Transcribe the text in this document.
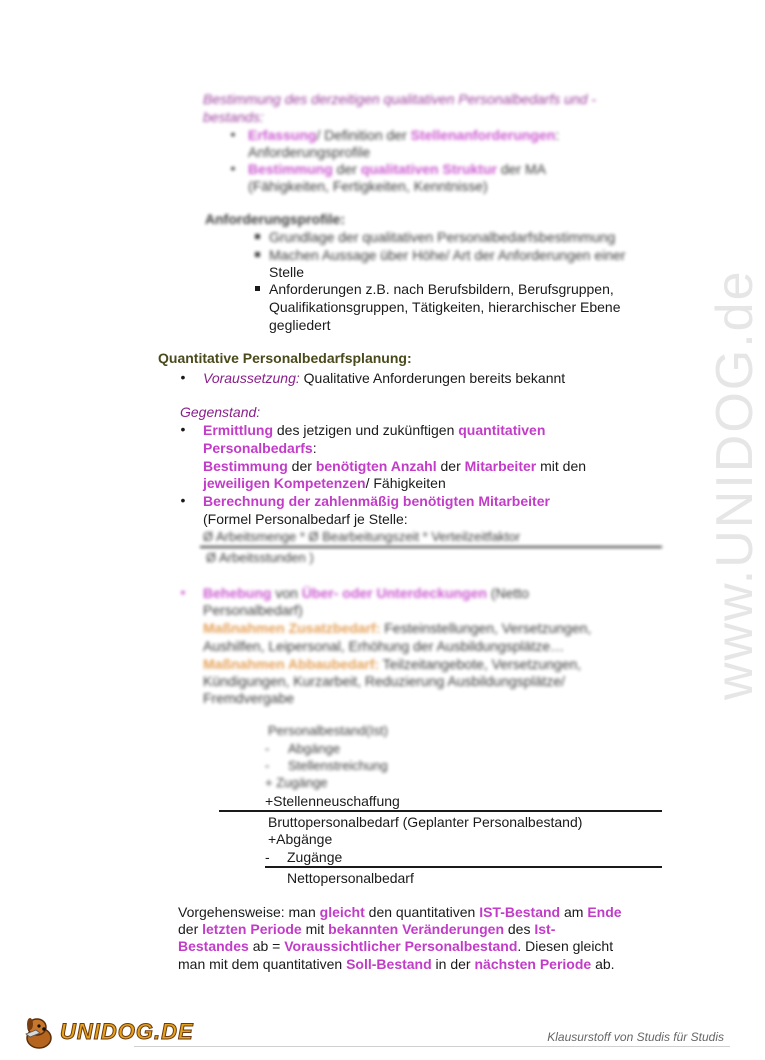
www.UNIDOG.de
Bestimmung des derzeitigen qualitativen Personalbedarfs und -bestands:
• Erfassung/ Definition der Stellenanforderungen:
Anforderungsprofile
• Bestimmung der qualitativen Struktur der MA
(Fähigkeiten, Fertigkeiten, Kenntnisse)
Anforderungsprofile:
Grundlage der qualitativen Personalbedarfsbestimmung
Machen Aussage über Höhe/ Art der Anforderungen einer
Stelle
Anforderungen z.B. nach Berufsbildern, Berufsgruppen,
Qualifikationsgruppen, Tätigkeiten, hierarchischer Ebene
gegliedert
Quantitative Personalbedarfsplanung:
•	Voraussetzung: Qualitative Anforderungen bereits bekannt
Gegenstand:
•	Ermittlung des jetzigen und zukünftigen quantitativen
Personalbedarfs:
Bestimmung der benötigten Anzahl der Mitarbeiter mit den
jeweiligen Kompetenzen/ Fähigkeiten
•	Berechnung der zahlenmäßig benötigten Mitarbeiter
(Formel Personalbedarf je Stelle:
Ø Arbeitsmenge * Ø Bearbeitungszeit * Verteilzeitfaktor
Ø Arbeitsstunden )
•	Behebung von Über- oder Unterdeckungen (Netto
Personalbedarf)
Maßnahmen Zusatzbedarf: Festeinstellungen, Versetzungen,
Aushilfen, Leipersonal, Erhöhung der Ausbildungsplätze…
Maßnahmen Abbaubedarf: Teilzeitangebote, Versetzungen,
Kündigungen, Kurzarbeit, Reduzierung Ausbildungsplätze/
Fremdvergabe
Personalbestand(Ist)
- Abgänge
- Stellenstreichung
+ Zugänge
+Stellenneuschaffung
Bruttopersonalbedarf (Geplanter Personalbestand)
+Abgänge
- Zugänge
Nettopersonalbedarf
Vorgehensweise: man gleicht den quantitativen IST-Bestand am Ende
der letzten Periode mit bekannten Veränderungen des Ist-
Bestandes ab = Voraussichtlicher Personalbestand. Diesen gleicht
man mit dem quantitativen Soll-Bestand in der nächsten Periode ab.
UNIDOG.DE	Klausurstoff von Studis für Studis
